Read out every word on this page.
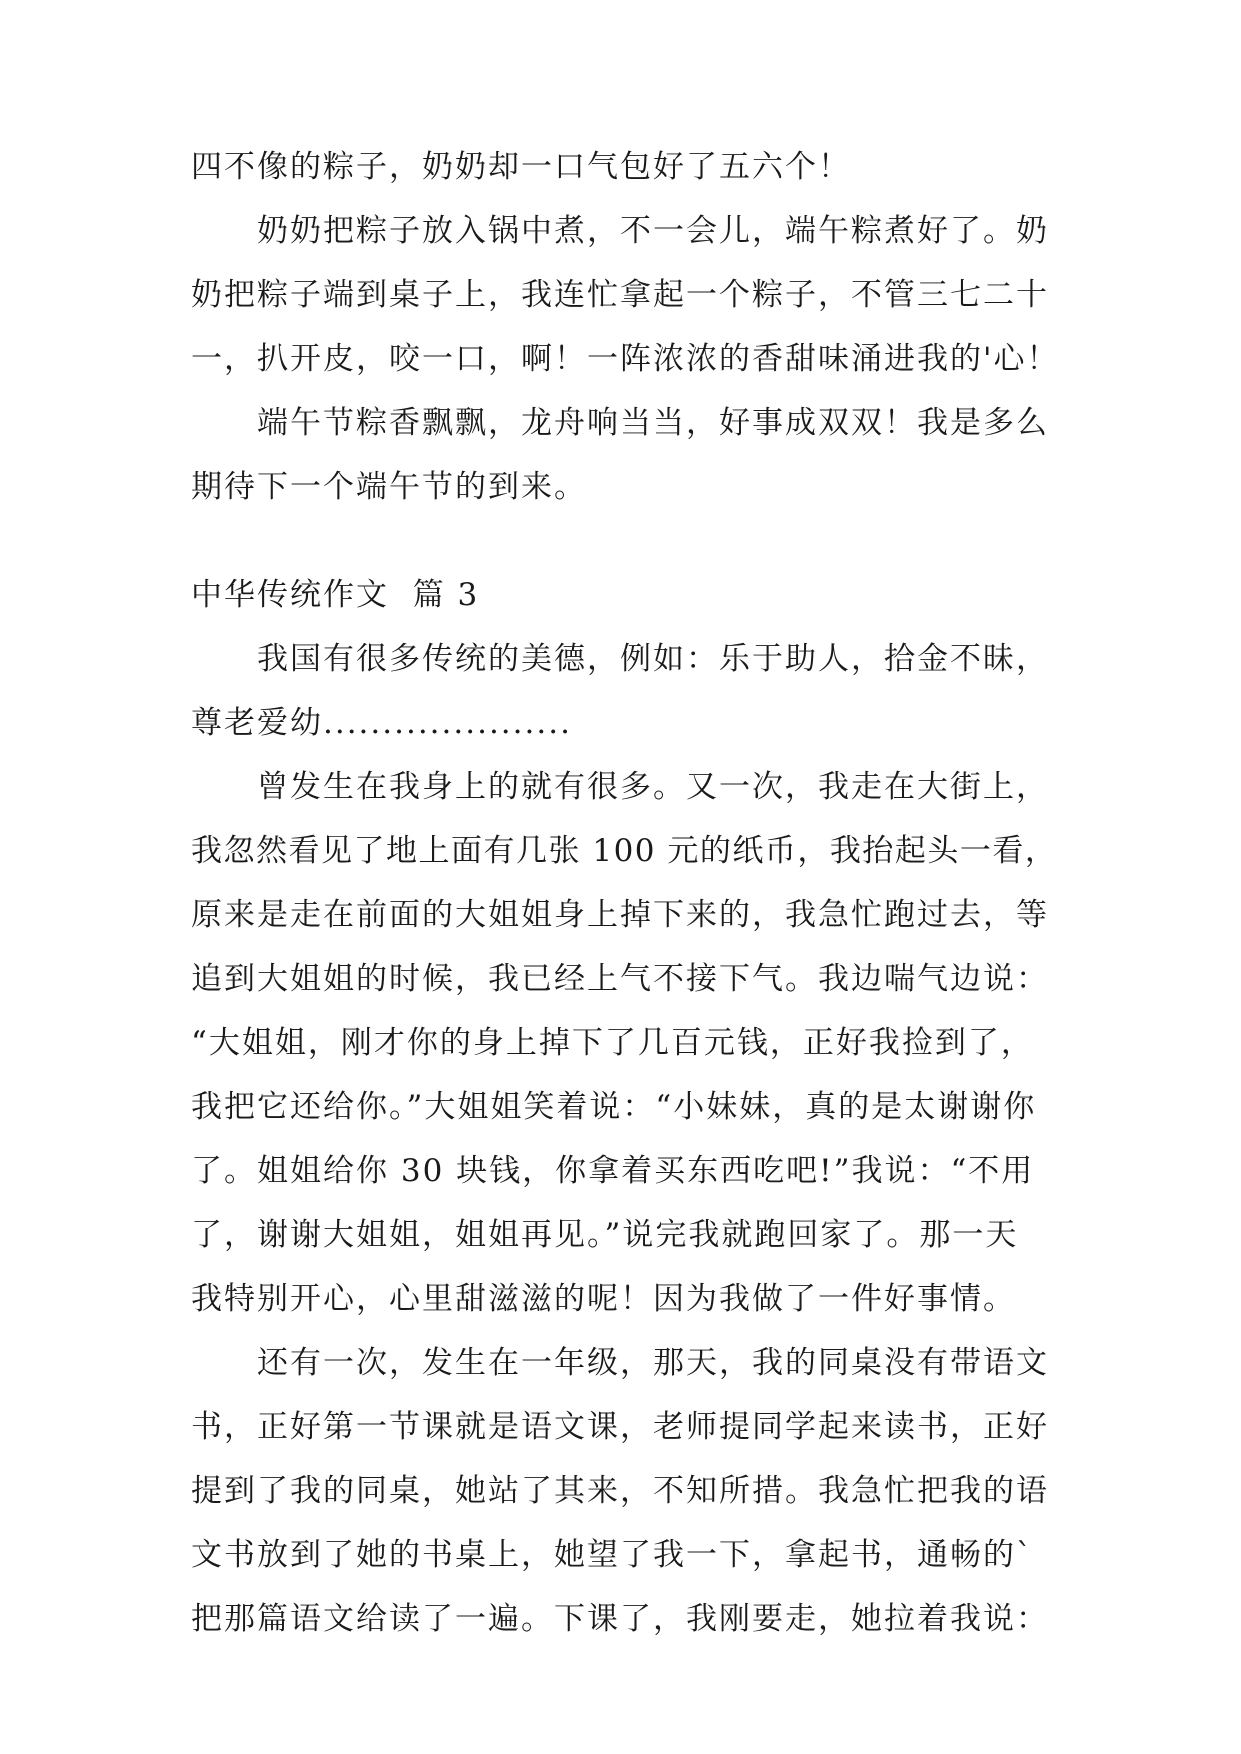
四不像的粽子，奶奶却一口气包好了五六个！
奶奶把粽子放入锅中煮，不一会儿，端午粽煮好了。奶
奶把粽子端到桌子上，我连忙拿起一个粽子，不管三七二十
一，扒开皮，咬一口，啊！一阵浓浓的香甜味涌进我的'心！
端午节粽香飘飘，龙舟响当当，好事成双双！我是多么
期待下一个端午节的到来。
中华传统作文  篇 3
我国有很多传统的美德，例如：乐于助人，拾金不昧，
尊老爱幼.....................
曾发生在我身上的就有很多。又一次，我走在大街上，
我忽然看见了地上面有几张 100 元的纸币，我抬起头一看，
原来是走在前面的大姐姐身上掉下来的，我急忙跑过去，等
追到大姐姐的时候，我已经上气不接下气。我边喘气边说：
“大姐姐，刚才你的身上掉下了几百元钱，正好我捡到了，
我把它还给你。”大姐姐笑着说：“小妹妹，真的是太谢谢你
了。姐姐给你 30 块钱，你拿着买东西吃吧!”我说：“不用
了，谢谢大姐姐，姐姐再见。”说完我就跑回家了。那一天
我特别开心，心里甜滋滋的呢！因为我做了一件好事情。
还有一次，发生在一年级，那天，我的同桌没有带语文
书，正好第一节课就是语文课，老师提同学起来读书，正好
提到了我的同桌，她站了其来，不知所措。我急忙把我的语
文书放到了她的书桌上，她望了我一下，拿起书，通畅的`
把那篇语文给读了一遍。下课了，我刚要走，她拉着我说：
